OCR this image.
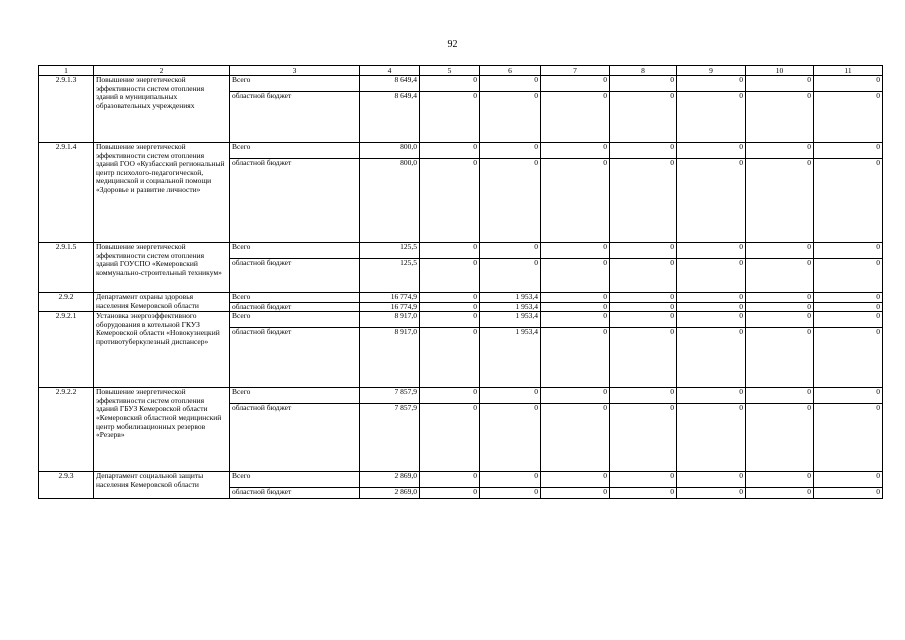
92
1	2	3	4	5	6	7	8	9	10	11
2.9.1.3	Повышение энергетической эффективности систем отопления зданий в муниципальных образовательных учреждениях	Всего	8 649,4	0	0	0	0	0	0	0
		областной бюджет	8 649,4	0	0	0	0	0	0	0
2.9.1.4	Повышение энергетической эффективности систем отопления зданий ГОО «Кузбасский региональный центр психолого-педагогической, медицинской и социальной помощи «Здоровье и развитие личности»	Всего	800,0	0	0	0	0	0	0	0
		областной бюджет	800,0	0	0	0	0	0	0	0
2.9.1.5	Повышение энергетической эффективности систем отопления зданий ГОУСПО «Кемеровский коммунально-строительный техникум»	Всего	125,5	0	0	0	0	0	0	0
		областной бюджет	125,5	0	0	0	0	0	0	0
2.9.2	Департамент охраны здоровья населения Кемеровской области	Всего	16 774,9	0	1 953,4	0	0	0	0	0
		областной бюджет	16 774,9	0	1 953,4	0	0	0	0	0
2.9.2.1	Установка энергоэффективного оборудования в котельной ГКУЗ Кемеровской области «Новокузнецкий противотуберкулезный диспансер»	Всего	8 917,0	0	1 953,4	0	0	0	0	0
		областной бюджет	8 917,0	0	1 953,4	0	0	0	0	0
2.9.2.2	Повышение энергетической эффективности систем отопления зданий ГБУЗ Кемеровской области «Кемеровский областной медицинский центр мобилизационных резервов «Резерв»	Всего	7 857,9	0	0	0	0	0	0	0
		областной бюджет	7 857,9	0	0	0	0	0	0	0
2.9.3	Департамент социальной защиты населения Кемеровской области	Всего	2 869,0	0	0	0	0	0	0	0
		областной бюджет	2 869,0	0	0	0	0	0	0	0
